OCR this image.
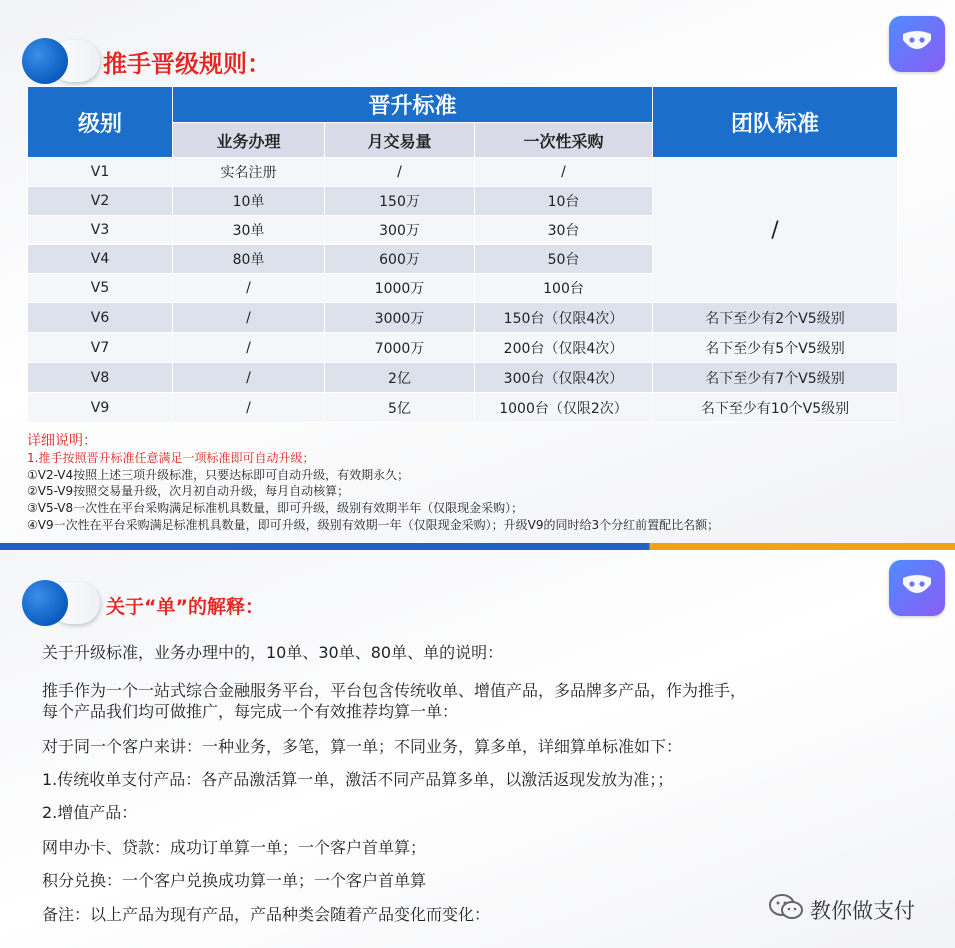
推手晋级规则：
级别	晋升标准			团队标准
	业务办理	月交易量	一次性采购	
V1	实名注册	/	/	/
V2	10单	150万	10台	
V3	30单	300万	30台	
V4	80单	600万	50台	
V5	/	1000万	100台	
V6	/	3000万	150台（仅限4次）	名下至少有2个V5级别
V7	/	7000万	200台（仅限4次）	名下至少有5个V5级别
V8	/	2亿	300台（仅限4次）	名下至少有7个V5级别
V9	/	5亿	1000台（仅限2次）	名下至少有10个V5级别
详细说明：
1.推手按照晋升标准任意满足一项标准即可自动升级；
①V2-V4按照上述三项升级标准，只要达标即可自动升级，有效期永久；
②V5-V9按照交易量升级，次月初自动升级，每月自动核算；
③V5-V8一次性在平台采购满足标准机具数量，即可升级，级别有效期半年（仅限现金采购）；
④V9一次性在平台采购满足标准机具数量，即可升级，级别有效期一年（仅限现金采购）；升级V9的同时给3个分红前置配比名额；
关于“单”的解释：

关于升级标准，业务办理中的，10单、30单、80单、单的说明：

推手作为一个一站式综合金融服务平台，平台包含传统收单、增值产品，多品牌多产品，作为推手，

每个产品我们均可做推广，每完成一个有效推荐均算一单：

对于同一个客户来讲：一种业务，多笔，算一单；不同业务，算多单，详细算单标准如下：

1.传统收单支付产品：各产品激活算一单，激活不同产品算多单，以激活返现发放为准；；

2.增值产品：

网申办卡、贷款：成功订单算一单；一个客户首单算；

积分兑换：一个客户兑换成功算一单；一个客户首单算

备注：以上产品为现有产品，产品种类会随着产品变化而变化：	教你做支付
